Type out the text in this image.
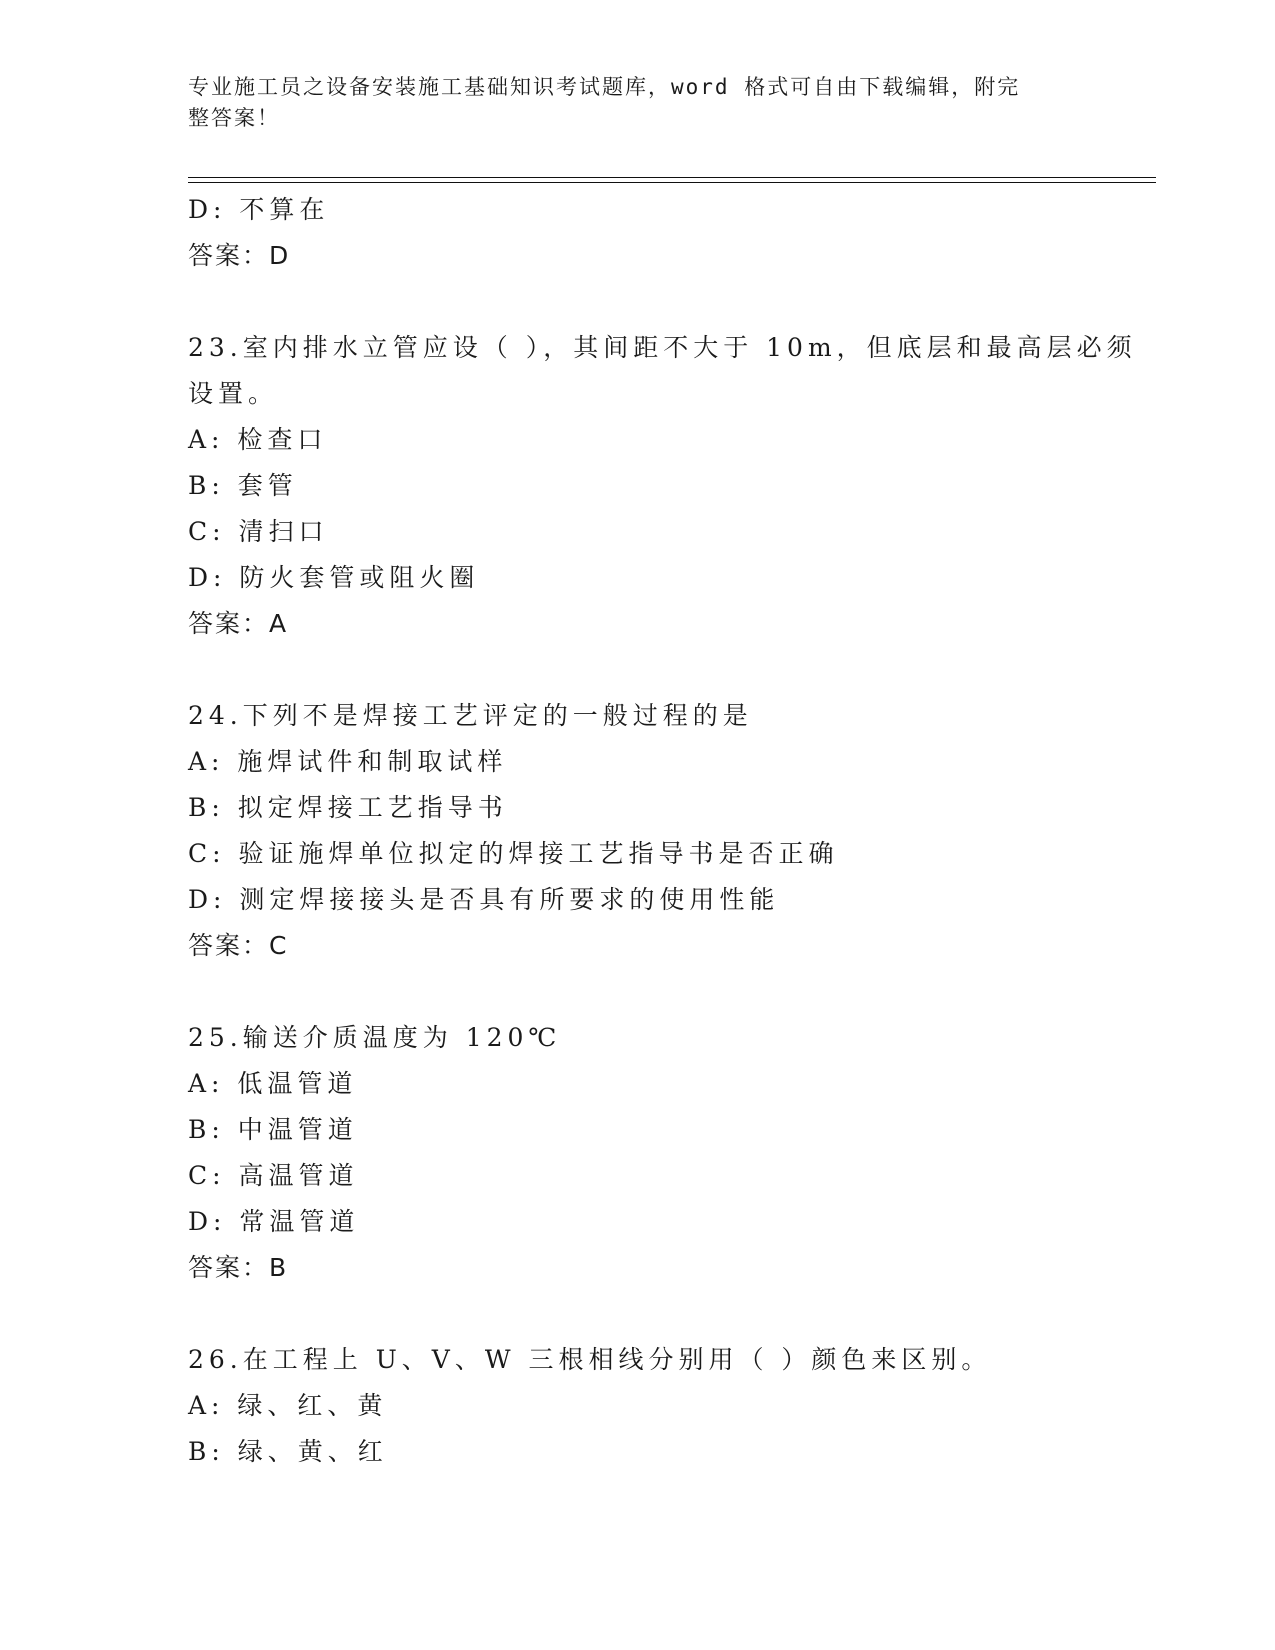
专业施工员之设备安装施工基础知识考试题库，word 格式可自由下载编辑，附完
整答案！
D: 不算在
答案：D
23.室内排水立管应设（ ），其间距不大于 10m，但底层和最高层必须
设置。
A: 检查口
B: 套管
C: 清扫口
D: 防火套管或阻火圈
答案：A
24.下列不是焊接工艺评定的一般过程的是
A: 施焊试件和制取试样
B: 拟定焊接工艺指导书
C: 验证施焊单位拟定的焊接工艺指导书是否正确
D: 测定焊接接头是否具有所要求的使用性能
答案：C
25.输送介质温度为 120℃
A: 低温管道
B: 中温管道
C: 高温管道
D: 常温管道
答案：B
26.在工程上 U、V、W 三根相线分别用（ ）颜色来区别。
A: 绿、红、黄
B: 绿、黄、红
